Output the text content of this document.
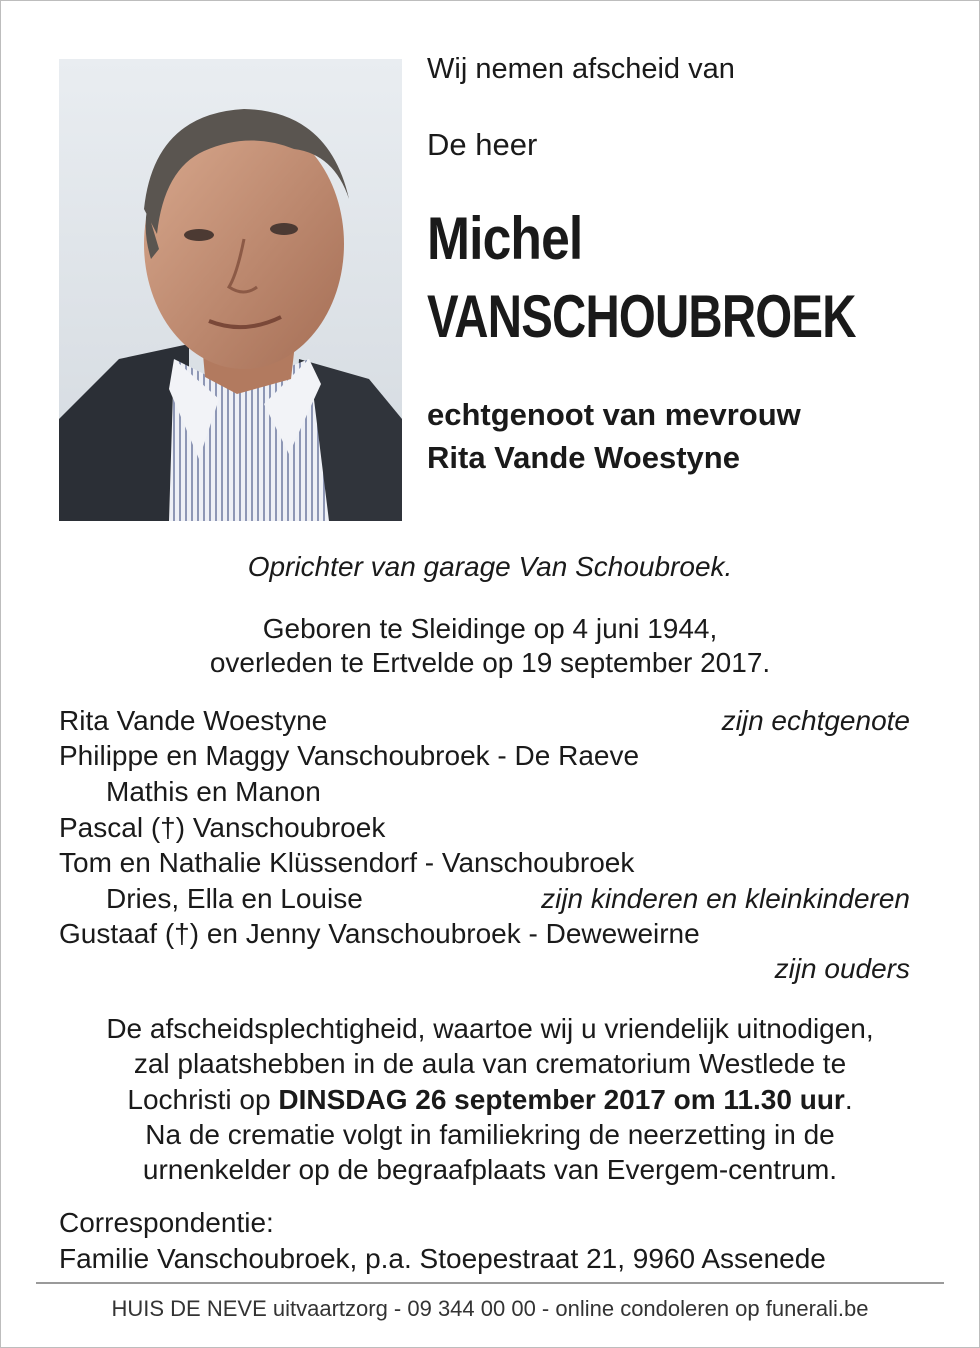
Wij nemen afscheid van
De heer
Michel
VANSCHOUBROEK
echtgenoot van mevrouw
Rita Vande Woestyne
Oprichter van garage Van Schoubroek.
Geboren te Sleidinge op 4 juni 1944,
overleden te Ertvelde op 19 september 2017.
Rita Vande Woestyne	zijn echtgenote
Philippe en Maggy Vanschoubroek - De Raeve
Mathis en Manon
Pascal (†) Vanschoubroek
Tom en Nathalie Klüssendorf - Vanschoubroek
Dries, Ella en Louise	zijn kinderen en kleinkinderen
Gustaaf (†) en Jenny Vanschoubroek - Deweweirne
zijn ouders
De afscheidsplechtigheid, waartoe wij u vriendelijk uitnodigen,
zal plaatshebben in de aula van crematorium Westlede te
Lochristi op DINSDAG 26 september 2017 om 11.30 uur.
Na de crematie volgt in familiekring de neerzetting in de
urnenkelder op de begraafplaats van Evergem-centrum.
Correspondentie:
Familie Vanschoubroek, p.a. Stoepestraat 21, 9960 Assenede
HUIS DE NEVE uitvaartzorg - 09 344 00 00 - online condoleren op funerali.be
